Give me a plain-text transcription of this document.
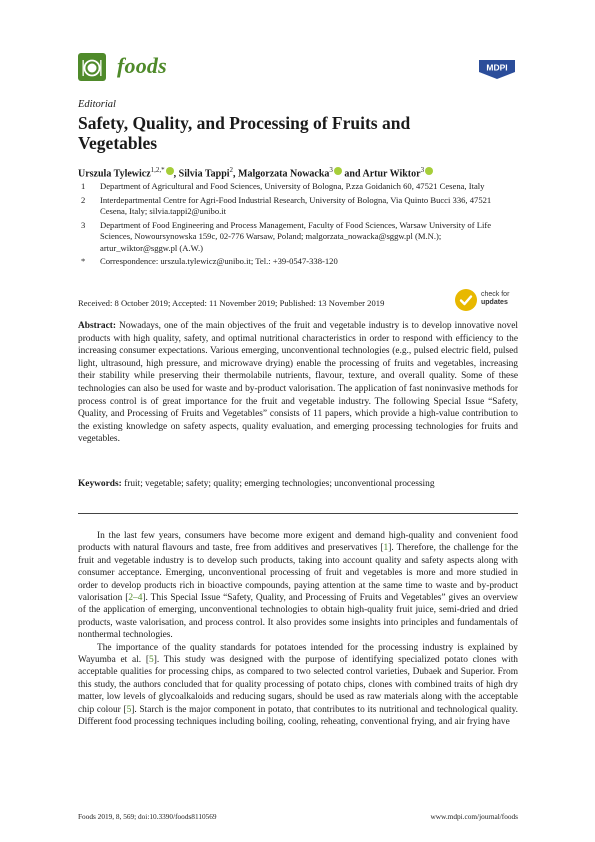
foods	MDPI
Editorial
Safety, Quality, and Processing of Fruits and Vegetables
Urszula Tylewicz$^{1,2,*}$ , Silvia Tappi$^2$, Malgorzata Nowacka$^3$ and Artur Wiktor$^3$
1	Department of Agricultural and Food Sciences, University of Bologna, P.zza Goidanich 60, 47521 Cesena, Italy
2	Interdepartmental Centre for Agri-Food Industrial Research, University of Bologna, Via Quinto Bucci 336, 47521 Cesena, Italy; silvia.tappi2@unibo.it
3	Department of Food Engineering and Process Management, Faculty of Food Sciences, Warsaw University of Life Sciences, Nowoursynowska 159c, 02-776 Warsaw, Poland; malgorzata_nowacka@sggw.pl (M.N.); artur_wiktor@sggw.pl (A.W.)
*	Correspondence: urszula.tylewicz@unibo.it; Tel.: +39-0547-338-120
Received: 8 October 2019; Accepted: 11 November 2019; Published: 13 November 2019
check for
updates
Abstract: Nowadays, one of the main objectives of the fruit and vegetable industry is to develop innovative novel products with high quality, safety, and optimal nutritional characteristics in order to respond with efficiency to the increasing consumer expectations. Various emerging, unconventional technologies (e.g., pulsed electric field, pulsed light, ultrasound, high pressure, and microwave drying) enable the processing of fruits and vegetables, increasing their stability while preserving their thermolabile nutrients, flavour, texture, and overall quality. Some of these technologies can also be used for waste and by-product valorisation. The application of fast noninvasive methods for process control is of great importance for the fruit and vegetable industry. The following Special Issue “Safety, Quality, and Processing of Fruits and Vegetables” consists of 11 papers, which provide a high-value contribution to the existing knowledge on safety aspects, quality evaluation, and emerging processing technologies for fruits and vegetables.
Keywords: fruit; vegetable; safety; quality; emerging technologies; unconventional processing

In the last few years, consumers have become more exigent and demand high-quality and convenient food products with natural flavours and taste, free from additives and preservatives [1]. Therefore, the challenge for the fruit and vegetable industry is to develop such products, taking into account quality and safety aspects along with consumer acceptance. Emerging, unconventional processing of fruit and vegetables is more and more studied in order to develop products rich in bioactive compounds, paying attention at the same time to waste and by-product valorisation [2–4]. This Special Issue “Safety, Quality, and Processing of Fruits and Vegetables” gives an overview of the application of emerging, unconventional technologies to obtain high-quality fruit juice, semi-dried and dried products, waste valorisation, and process control. It also provides some insights into principles and fundamentals of nonthermal technologies.

The importance of the quality standards for potatoes intended for the processing industry is explained by Wayumba et al. [5]. This study was designed with the purpose of identifying specialized potato clones with acceptable qualities for processing chips, as compared to two selected control varieties, Dubaek and Superior. From this study, the authors concluded that for quality processing of potato chips, clones with combined traits of high dry matter, low levels of glycoalkaloids and reducing sugars, should be used as raw materials along with the acceptable chip colour [5]. Starch is the major component in potato, that contributes to its nutritional and technological quality. Different food processing techniques including boiling, cooling, reheating, conventional frying, and air frying have

Foods 2019, 8, 569; doi:10.3390/foods8110569	www.mdpi.com/journal/foods
